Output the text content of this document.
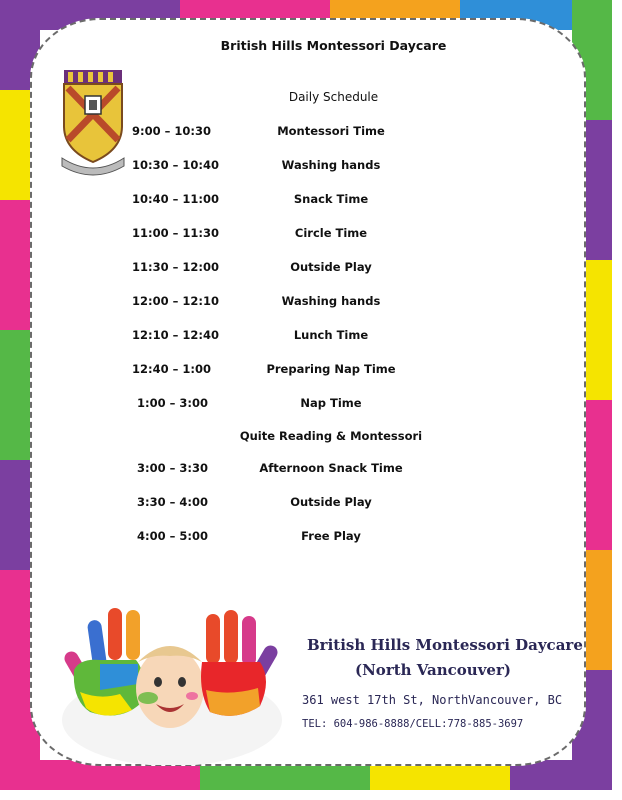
British Hills Montessori Daycare
Daily Schedule
9:00 – 10:30	Montessori Time
10:30 – 10:40	Washing hands
10:40 – 11:00	Snack Time
11:00 – 11:30	Circle Time
11:30 – 12:00	Outside Play
12:00 – 12:10	Washing hands
12:10 – 12:40	Lunch Time
12:40 – 1:00	Preparing Nap Time
1:00 – 3:00	Nap Time
Quite Reading & Montessori
3:00 – 3:30	Afternoon Snack Time
3:30 – 4:00	Outside Play
4:00 – 5:00	Free Play
British Hills Montessori Daycare
(North Vancouver)
361 west 17th St, NorthVancouver, BC
TEL: 604-986-8888/CELL:778-885-3697
